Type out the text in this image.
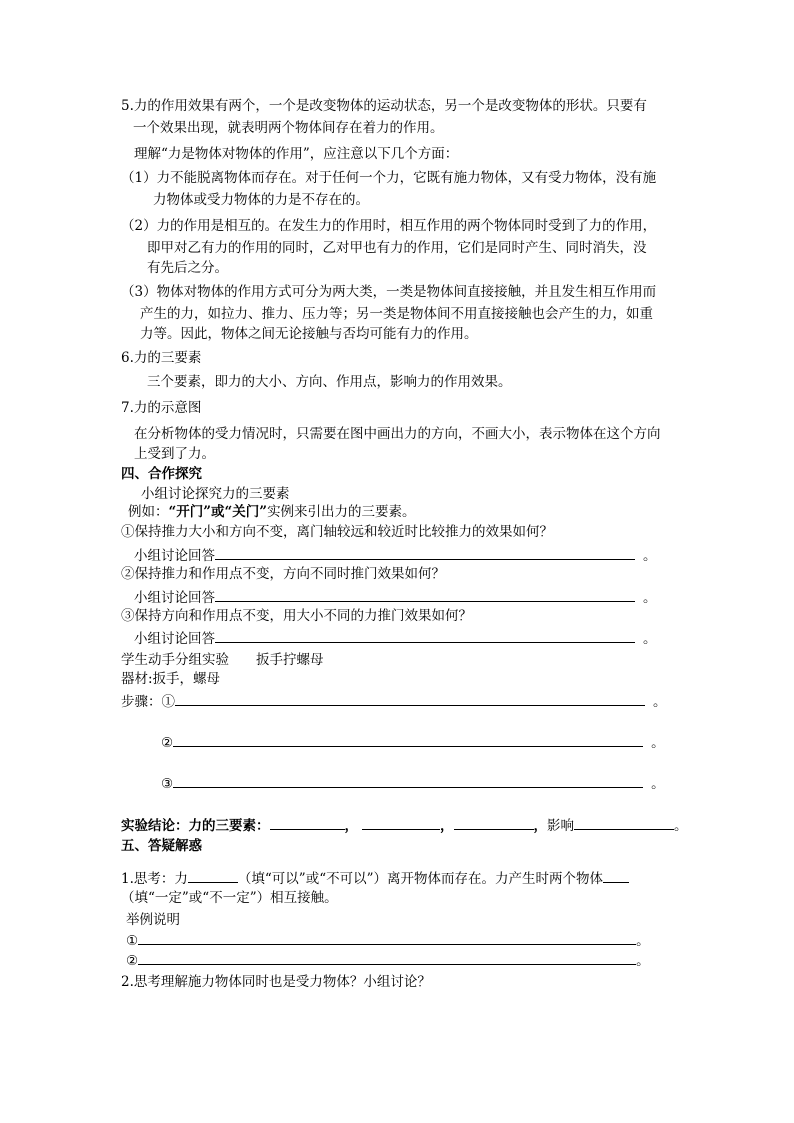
5.力的作用效果有两个，一个是改变物体的运动状态，另一个是改变物体的形状。只要有
一个效果出现，就表明两个物体间存在着力的作用。
理解“力是物体对物体的作用”，应注意以下几个方面：
（1）力不能脱离物体而存在。对于任何一个力，它既有施力物体，又有受力物体，没有施
力物体或受力物体的力是不存在的。
（2）力的作用是相互的。在发生力的作用时，相互作用的两个物体同时受到了力的作用，
即甲对乙有力的作用的同时，乙对甲也有力的作用，它们是同时产生、同时消失，没
有先后之分。
（3）物体对物体的作用方式可分为两大类，一类是物体间直接接触，并且发生相互作用而
产生的力，如拉力、推力、压力等；另一类是物体间不用直接接触也会产生的力，如重
力等。因此，物体之间无论接触与否均可能有力的作用。
6.力的三要素
三个要素，即力的大小、方向、作用点，影响力的作用效果。
7.力的示意图
在分析物体的受力情况时，只需要在图中画出力的方向，不画大小，表示物体在这个方向
上受到了力。
四、合作探究
小组讨论探究力的三要素
例如：“开门”或“关门”实例来引出力的三要素。
①保持推力大小和方向不变，离门轴较远和较近时比较推力的效果如何？
小组讨论回答	。
②保持推力和作用点不变，方向不同时推门效果如何？
小组讨论回答	。
③保持方向和作用点不变，用大小不同的力推门效果如何？
小组讨论回答	。
学生动手分组实验　　扳手拧螺母
器材:扳手，螺母
步骤：①	。
②	。
③	。
实验结论：力的三要素：	，	，	，影响	。
五、答疑解惑
1.思考：力	（填“可以”或“不可以”）离开物体而存在。力产生时两个物体
（填“一定”或“不一定”）相互接触。
举例说明
①	。
②	。
2.思考理解施力物体同时也是受力物体？小组讨论？
